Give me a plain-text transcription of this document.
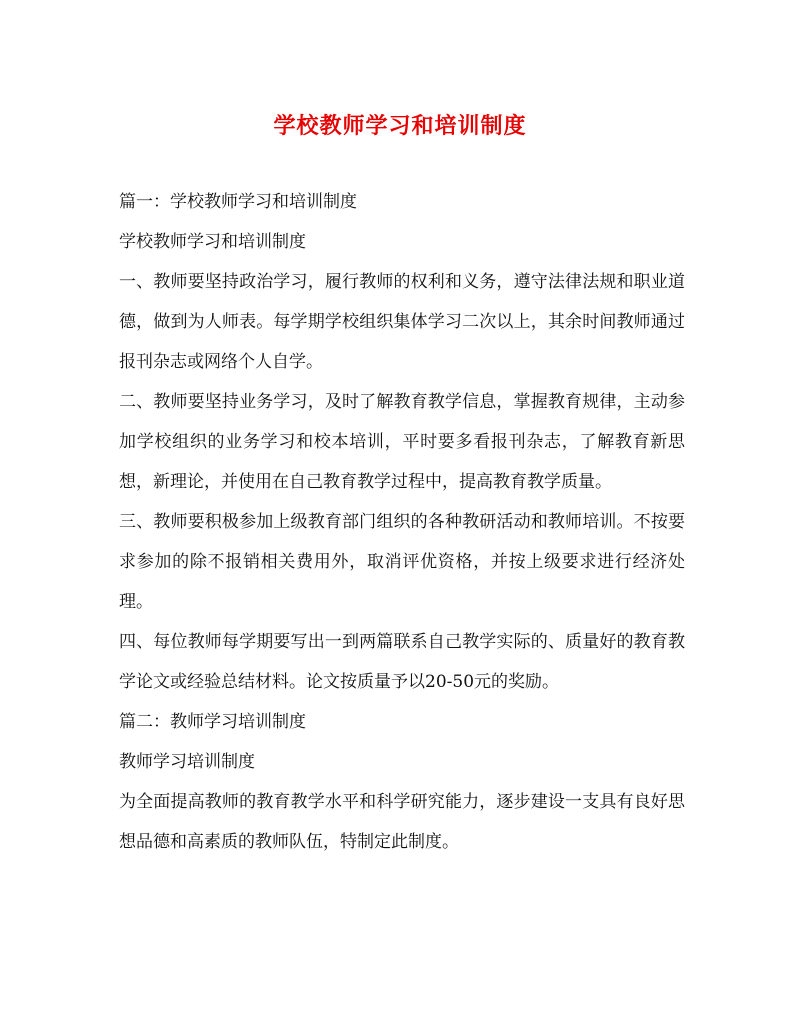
学校教师学习和培训制度

篇一：学校教师学习和培训制度

学校教师学习和培训制度

一、教师要坚持政治学习，履行教师的权利和义务，遵守法律法规和职业道德，做到为人师表。每学期学校组织集体学习二次以上，其余时间教师通过报刊杂志或网络个人自学。

二、教师要坚持业务学习，及时了解教育教学信息，掌握教育规律，主动参加学校组织的业务学习和校本培训，平时要多看报刊杂志，了解教育新思想，新理论，并使用在自己教育教学过程中，提高教育教学质量。

三、教师要积极参加上级教育部门组织的各种教研活动和教师培训。不按要求参加的除不报销相关费用外，取消评优资格，并按上级要求进行经济处理。

四、每位教师每学期要写出一到两篇联系自己教学实际的、质量好的教育教学论文或经验总结材料。论文按质量予以20-50元的奖励。

篇二：教师学习培训制度

教师学习培训制度

为全面提高教师的教育教学水平和科学研究能力，逐步建设一支具有良好思想品德和高素质的教师队伍，特制定此制度。
